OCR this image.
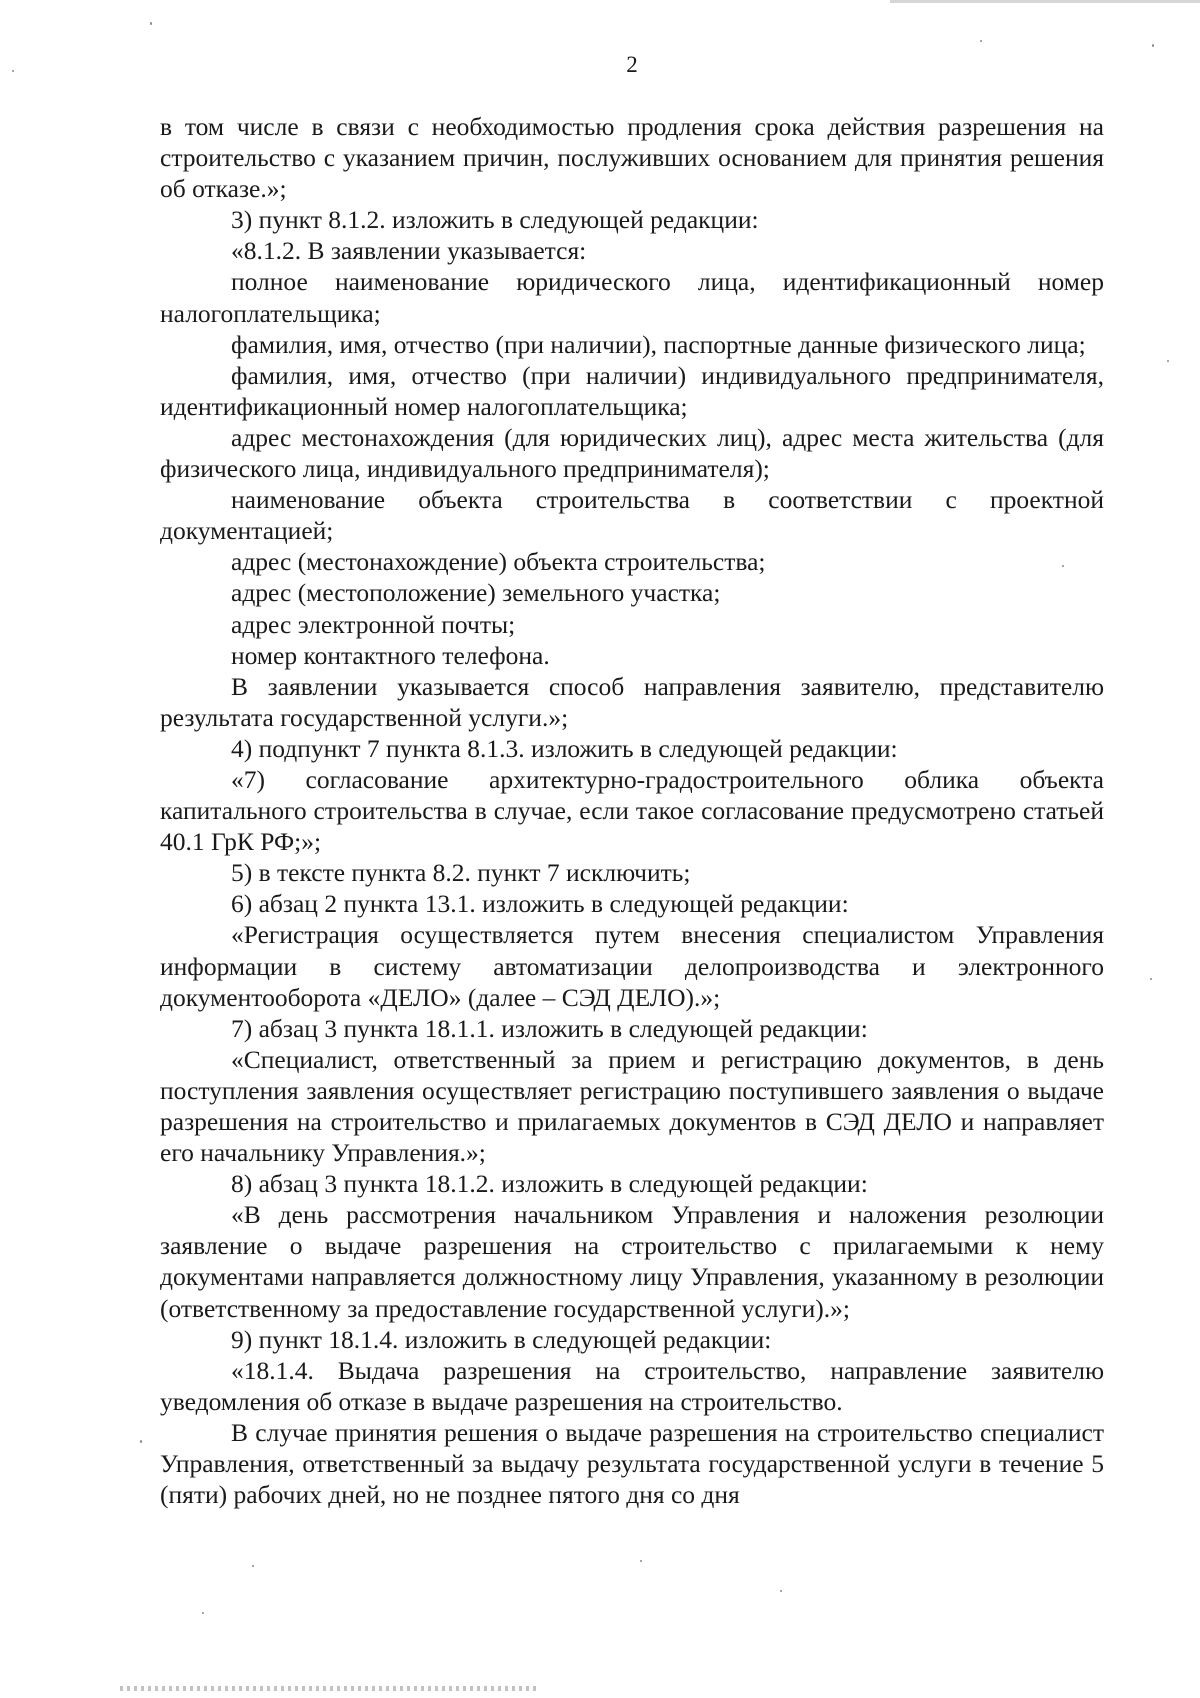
2

в том числе в связи с необходимостью продления срока действия разрешения на строительство с указанием причин, послуживших основанием для принятия решения об отказе.»;

3) пункт 8.1.2. изложить в следующей редакции:

«8.1.2. В заявлении указывается:

полное наименование юридического лица, идентификационный номер налогоплательщика;

фамилия, имя, отчество (при наличии), паспортные данные физического лица;

фамилия, имя, отчество (при наличии) индивидуального предпринимателя, идентификационный номер налогоплательщика;

адрес местонахождения (для юридических лиц), адрес места жительства (для физического лица, индивидуального предпринимателя);

наименование объекта строительства в соответствии с проектной документацией;

адрес (местонахождение) объекта строительства;

адрес (местоположение) земельного участка;

адрес электронной почты;

номер контактного телефона.

В заявлении указывается способ направления заявителю, представителю результата государственной услуги.»;

4) подпункт 7 пункта 8.1.3. изложить в следующей редакции:

«7) согласование архитектурно-градостроительного облика объекта капитального строительства в случае, если такое согласование предусмотрено статьей 40.1 ГрК РФ;»;

5) в тексте пункта 8.2. пункт 7 исключить;

6) абзац 2 пункта 13.1. изложить в следующей редакции:

«Регистрация осуществляется путем внесения специалистом Управления информации в систему автоматизации делопроизводства и электронного документооборота «ДЕЛО» (далее – СЭД ДЕЛО).»;

7) абзац 3 пункта 18.1.1. изложить в следующей редакции:

«Специалист, ответственный за прием и регистрацию документов, в день поступления заявления осуществляет регистрацию поступившего заявления о выдаче разрешения на строительство и прилагаемых документов в СЭД ДЕЛО и направляет его начальнику Управления.»;

8) абзац 3 пункта 18.1.2. изложить в следующей редакции:

«В день рассмотрения начальником Управления и наложения резолюции заявление о выдаче разрешения на строительство с прилагаемыми к нему документами направляется должностному лицу Управления, указанному в резолюции (ответственному за предоставление государственной услуги).»;

9) пункт 18.1.4. изложить в следующей редакции:

«18.1.4. Выдача разрешения на строительство, направление заявителю уведомления об отказе в выдаче разрешения на строительство.

В случае принятия решения о выдаче разрешения на строительство специалист Управления, ответственный за выдачу результата государственной услуги в течение 5 (пяти) рабочих дней, но не позднее пятого дня со дня
